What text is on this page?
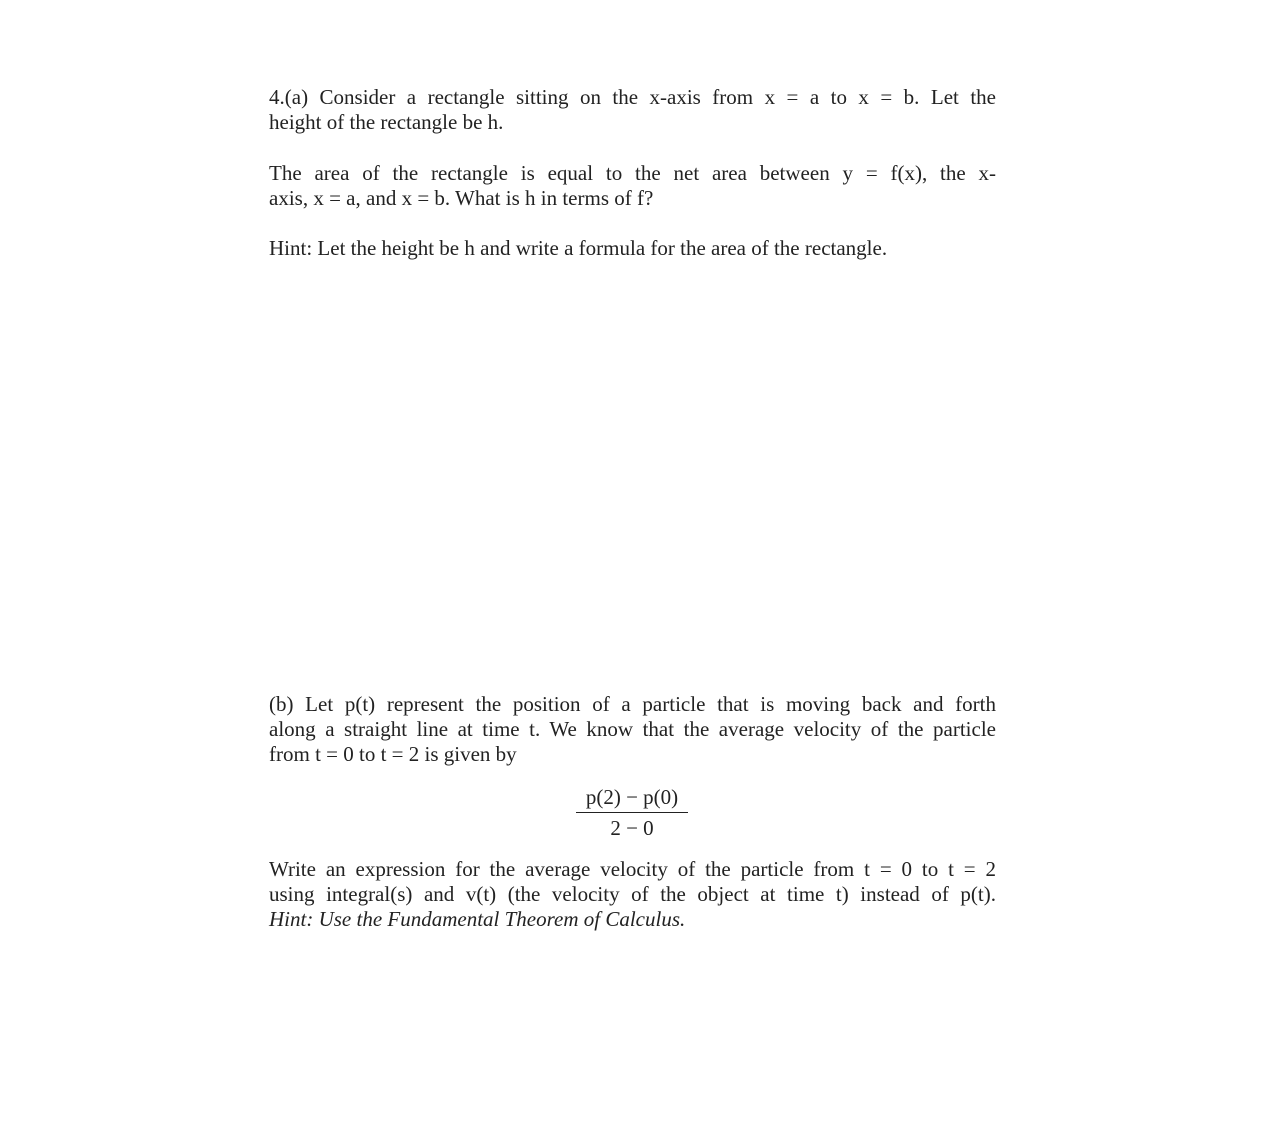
4.(a) Consider a rectangle sitting on the x-axis from x = a to x = b. Let the
height of the rectangle be h.

The area of the rectangle is equal to the net area between y = f(x), the x-
axis, x = a, and x = b. What is h in terms of f?

Hint: Let the height be h and write a formula for the area of the rectangle.

(b) Let p(t) represent the position of a particle that is moving back and forth
along a straight line at time t. We know that the average velocity of the particle
from t = 0 to t = 2 is given by

p(2) − p(0)
2 − 0

Write an expression for the average velocity of the particle from t = 0 to t = 2
using integral(s) and v(t) (the velocity of the object at time t) instead of p(t).
Hint: Use the Fundamental Theorem of Calculus.
